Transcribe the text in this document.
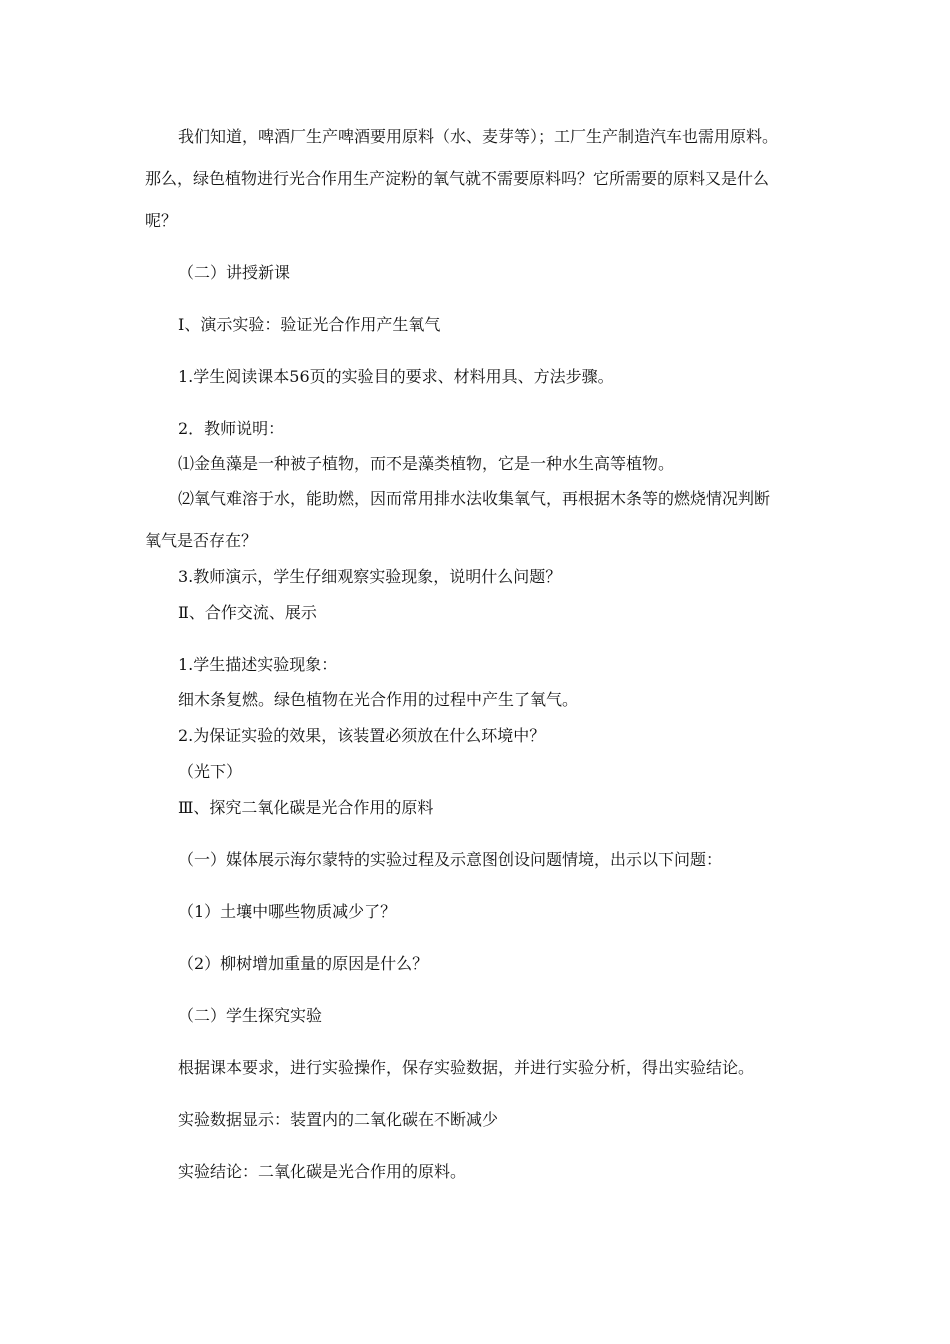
我们知道，啤酒厂生产啤酒要用原料（水、麦芽等）；工厂生产制造汽车也需用原料。
那么，绿色植物进行光合作用生产淀粉的氧气就不需要原料吗？它所需要的原料又是什么
呢？
（二）讲授新课
Ⅰ、演示实验：验证光合作用产生氧气
1.学生阅读课本56页的实验目的要求、材料用具、方法步骤。
2．教师说明：
⑴金鱼藻是一种被子植物，而不是藻类植物，它是一种水生高等植物。
⑵氧气难溶于水，能助燃，因而常用排水法收集氧气，再根据木条等的燃烧情况判断
氧气是否存在？
3.教师演示，学生仔细观察实验现象，说明什么问题？
Ⅱ、合作交流、展示
1.学生描述实验现象：
细木条复燃。绿色植物在光合作用的过程中产生了氧气。
2.为保证实验的效果，该装置必须放在什么环境中？
（光下）
Ⅲ、探究二氧化碳是光合作用的原料
（一）媒体展示海尔蒙特的实验过程及示意图创设问题情境，出示以下问题：
（1）土壤中哪些物质减少了？
（2）柳树增加重量的原因是什么？
（二）学生探究实验
根据课本要求，进行实验操作，保存实验数据，并进行实验分析，得出实验结论。
实验数据显示：装置内的二氧化碳在不断减少
实验结论：二氧化碳是光合作用的原料。
